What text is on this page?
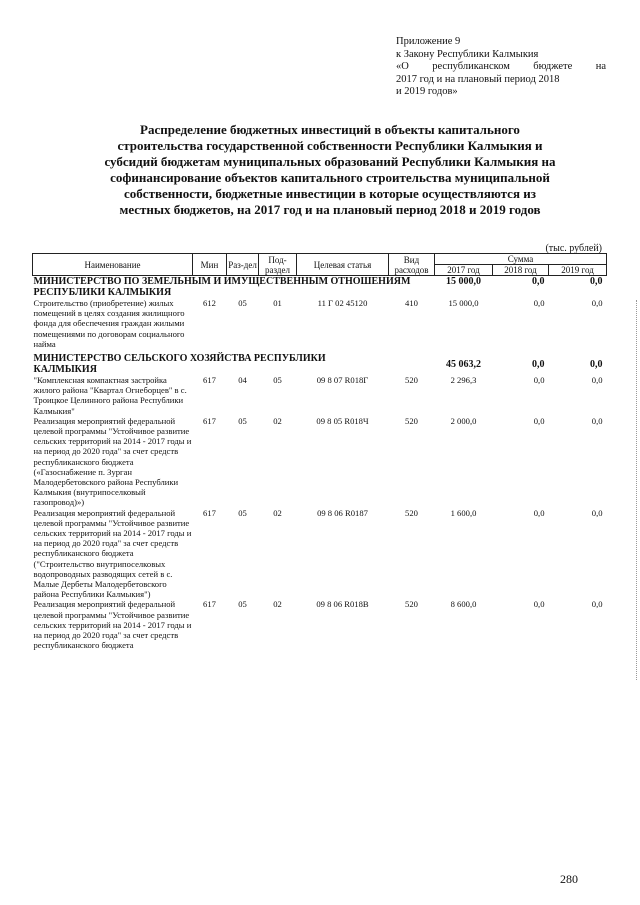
Приложение 9
к Закону Республики Калмыкия
«О республиканском бюджете на
2017 год и на плановый период 2018
и 2019 годов»
Распределение бюджетных инвестиций в объекты капитального
строительства государственной собственности Республики Калмыкия и
субсидий бюджетам муниципальных образований Республики Калмыкия на
софинансирование объектов капитального строительства муниципальной
собственности, бюджетные инвестиции в которые осуществляются из
местных бюджетов, на 2017 год и на плановый период 2018 и 2019 годов
(тыс. рублей)
Наименование	Мин	Раз-дел	Под-раздел	Целевая статья	Вид расходов	Сумма		
						2017 год	2018 год	2019 год
МИНИСТЕРСТВО ПО ЗЕМЕЛЬНЫМ И ИМУЩЕСТВЕННЫМ ОТНОШЕНИЯМ РЕСПУБЛИКИ КАЛМЫКИЯ						15 000,0	0,0	0,0
Строительство (приобретение) жилых помещений в целях создания жилищного фонда для обеспечения граждан жилыми помещениями по договорам социального найма	612	05	01	11 Г 02 45120	410	15 000,0	0,0	0,0
МИНИСТЕРСТВО СЕЛЬСКОГО ХОЗЯЙСТВА РЕСПУБЛИКИ КАЛМЫКИЯ						45 063,2	0,0	0,0
"Комплексная компактная застройка жилого района "Квартал Огнеборцев" в с. Троицкое Целинного района Республики Калмыкия"	617	04	05	09 8 07 R018Г	520	2 296,3	0,0	0,0
Реализация мероприятий федеральной целевой программы "Устойчивое развитие сельских территорий на 2014 - 2017 годы и на период до 2020 года" за счет средств республиканского бюджета («Газоснабжение п. Зурган Малодербетовского района Республики Калмыкия (внутрипоселковый газопровод)»)	617	05	02	09 8 05 R018Ч	520	2 000,0	0,0	0,0
Реализация мероприятий федеральной целевой программы "Устойчивое развитие сельских территорий на 2014 - 2017 годы и на период до 2020 года" за счет средств республиканского бюджета ("Строительство внутрипоселковых водопроводных разводящих сетей в с. Малые Дербеты Малодербетовского района Республики Калмыкия")	617	05	02	09 8 06 R0187	520	1 600,0	0,0	0,0
Реализация мероприятий федеральной целевой программы "Устойчивое развитие сельских территорий на 2014 - 2017 годы и на период до 2020 года" за счет средств республиканского бюджета	617	05	02	09 8 06 R018В	520	8 600,0	0,0	0,0
280
